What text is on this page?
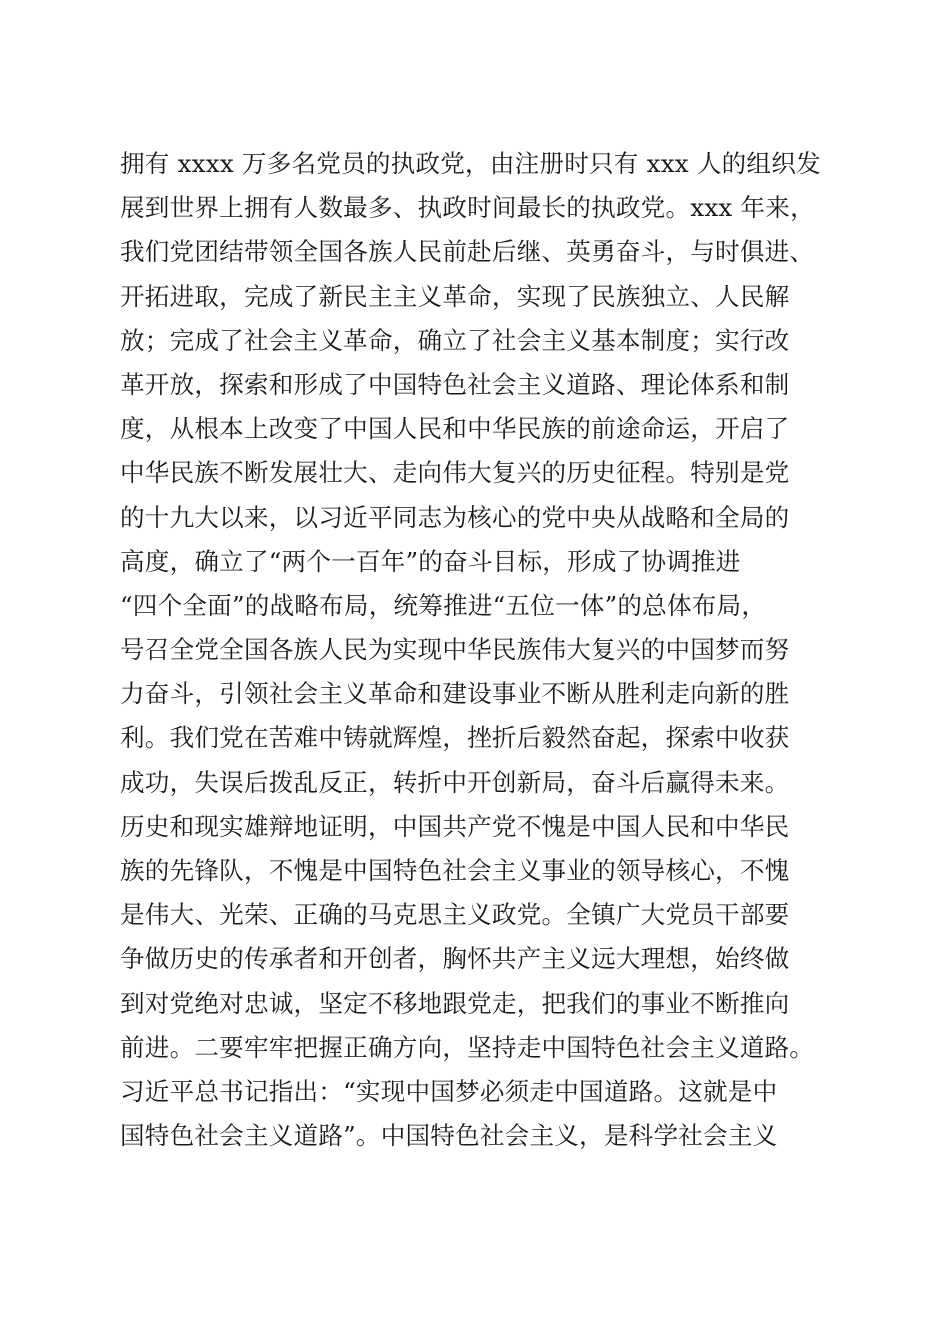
拥有 xxxx 万多名党员的执政党，由注册时只有 xxx 人的组织发
展到世界上拥有人数最多、执政时间最长的执政党。xxx 年来，
我们党团结带领全国各族人民前赴后继、英勇奋斗，与时俱进、
开拓进取，完成了新民主主义革命，实现了民族独立、人民解
放；完成了社会主义革命，确立了社会主义基本制度；实行改
革开放，探索和形成了中国特色社会主义道路、理论体系和制
度，从根本上改变了中国人民和中华民族的前途命运，开启了
中华民族不断发展壮大、走向伟大复兴的历史征程。特别是党
的十九大以来，以习近平同志为核心的党中央从战略和全局的
高度，确立了“两个一百年”的奋斗目标，形成了协调推进
“四个全面”的战略布局，统筹推进“五位一体”的总体布局，
号召全党全国各族人民为实现中华民族伟大复兴的中国梦而努
力奋斗，引领社会主义革命和建设事业不断从胜利走向新的胜
利。我们党在苦难中铸就辉煌，挫折后毅然奋起，探索中收获
成功，失误后拨乱反正，转折中开创新局，奋斗后赢得未来。
历史和现实雄辩地证明，中国共产党不愧是中国人民和中华民
族的先锋队，不愧是中国特色社会主义事业的领导核心，不愧
是伟大、光荣、正确的马克思主义政党。全镇广大党员干部要
争做历史的传承者和开创者，胸怀共产主义远大理想，始终做
到对党绝对忠诚，坚定不移地跟党走，把我们的事业不断推向
前进。二要牢牢把握正确方向，坚持走中国特色社会主义道路。
习近平总书记指出：“实现中国梦必须走中国道路。这就是中
国特色社会主义道路”。中国特色社会主义，是科学社会主义
